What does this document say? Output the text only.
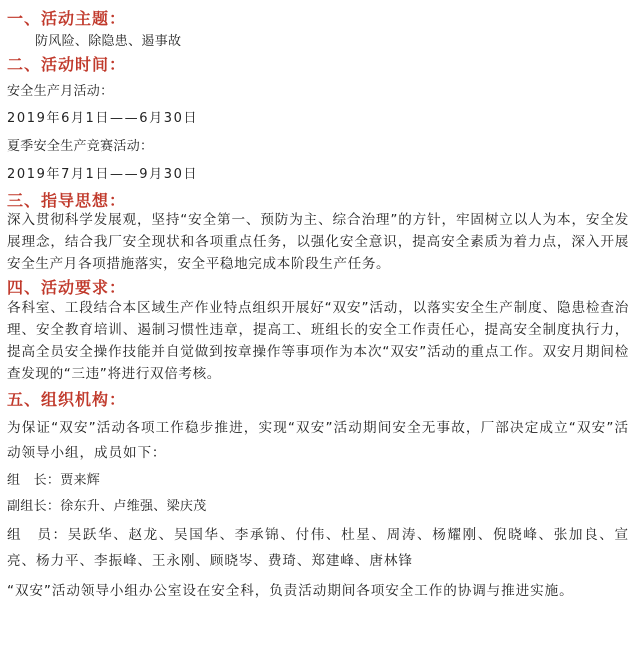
一、活动主题：
防风险、除隐患、遏事故
二、活动时间：
安全生产月活动：
2019年6月1日——6月30日
夏季安全生产竞赛活动：
2019年7月1日——9月30日
三、指导思想：
深入贯彻科学发展观，坚持“安全第一、预防为主、综合治理”的方针，牢固树立以人为本，安全发展理念，结合我厂安全现状和各项重点任务，以强化安全意识，提高安全素质为着力点，深入开展安全生产月各项措施落实，安全平稳地完成本阶段生产任务。
四、活动要求：
各科室、工段结合本区域生产作业特点组织开展好“双安”活动，以落实安全生产制度、隐患检查治理、安全教育培训、遏制习惯性违章，提高工、班组长的安全工作责任心，提高安全制度执行力，提高全员安全操作技能并自觉做到按章操作等事项作为本次“双安”活动的重点工作。双安月期间检查发现的“三违”将进行双倍考核。
五、组织机构：
为保证“双安”活动各项工作稳步推进，实现“双安”活动期间安全无事故，厂部决定成立“双安”活动领导小组，成员如下：
组　长：贾来辉
副组长：徐东升、卢维强、梁庆茂
组　员：吴跃华、赵龙、吴国华、李承锦、付伟、杜星、周涛、杨耀刚、倪晓峰、张加良、宣亮、杨力平、李振峰、王永刚、顾晓岑、费琦、郑建峰、唐林锋
“双安”活动领导小组办公室设在安全科，负责活动期间各项安全工作的协调与推进实施。
